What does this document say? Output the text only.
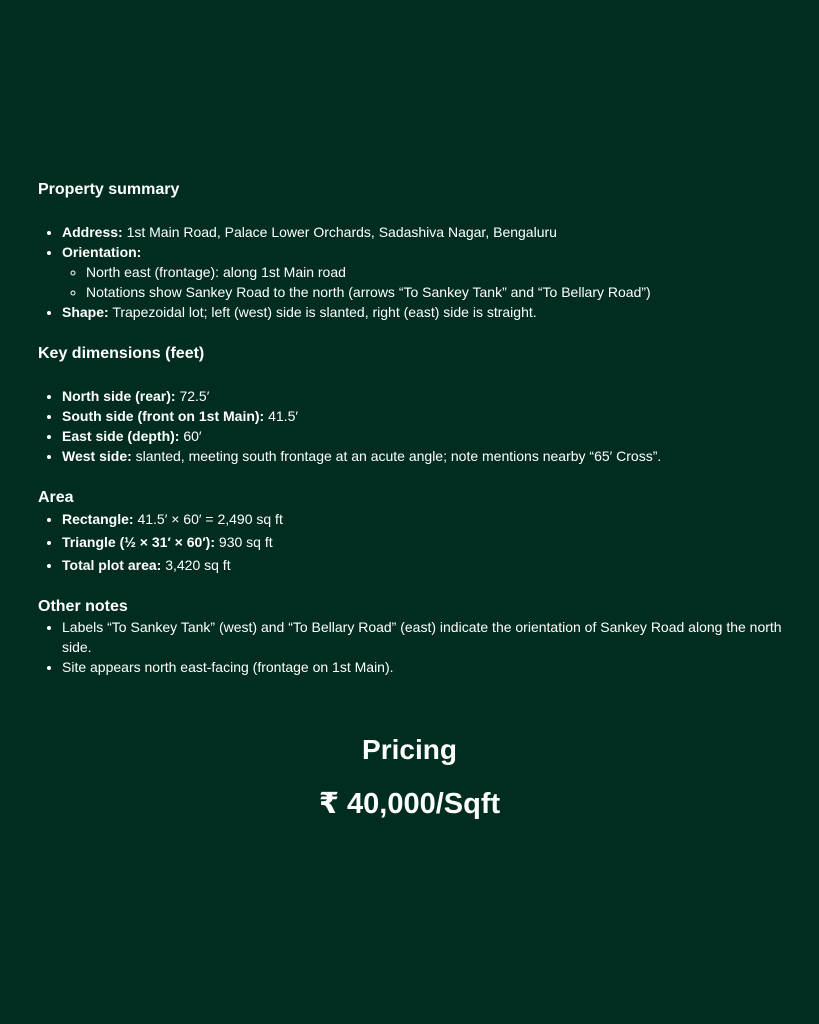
Property summary
• Address: 1st Main Road, Palace Lower Orchards, Sadashiva Nagar, Bengaluru
• Orientation:
◦ North east (frontage): along 1st Main road
◦ Notations show Sankey Road to the north (arrows “To Sankey Tank” and “To Bellary Road”)
• Shape: Trapezoidal lot; left (west) side is slanted, right (east) side is straight.
Key dimensions (feet)
• North side (rear): 72.5′
• South side (front on 1st Main): 41.5′
• East side (depth): 60′
• West side: slanted, meeting south frontage at an acute angle; note mentions nearby “65′ Cross”.
Area
• Rectangle: 41.5′ × 60′ = 2,490 sq ft
• Triangle (½ × 31′ × 60′): 930 sq ft
• Total plot area: 3,420 sq ft
Other notes
• Labels “To Sankey Tank” (west) and “To Bellary Road” (east) indicate the orientation of Sankey Road along the north side.
• Site appears north east-facing (frontage on 1st Main).
Pricing
₹ 40,000/Sqft
